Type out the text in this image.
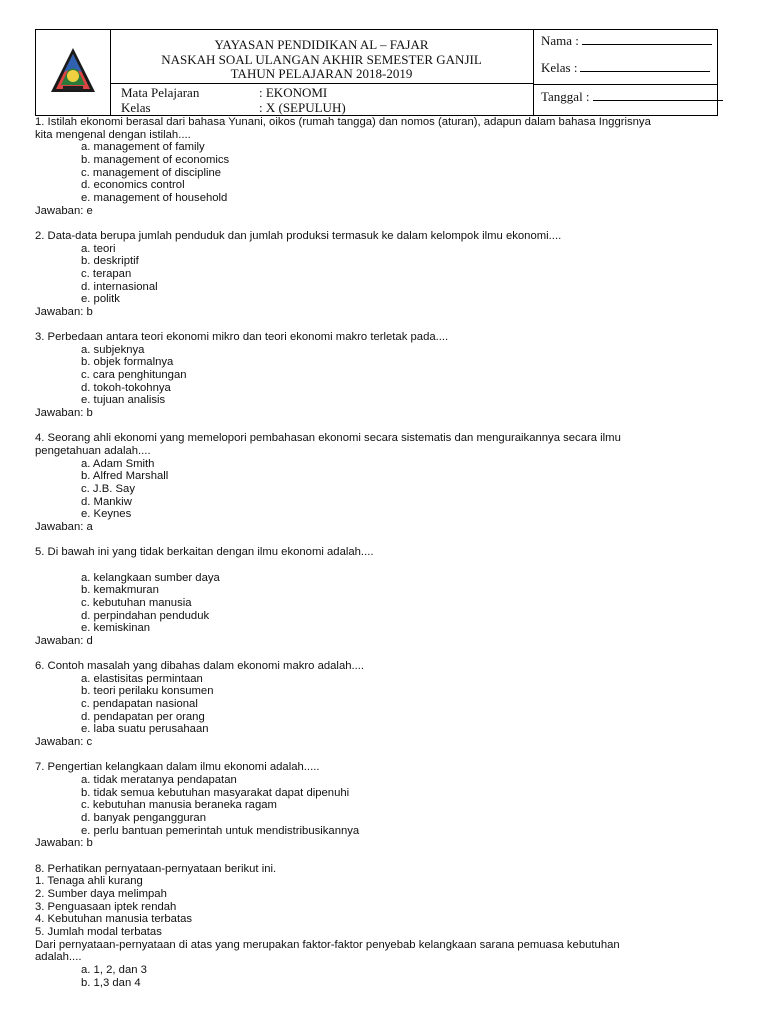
YAYASAN PENDIDIKAN AL – FAJAR
NASKAH SOAL ULANGAN AKHIR SEMESTER GANJIL
TAHUN PELAJARAN 2018-2019
Mata Pelajaran	: EKONOMI
Kelas	: X (SEPULUH)
Nama :
Kelas :
Tanggal :

1. Istilah ekonomi berasal dari bahasa Yunani, oikos (rumah tangga) dan nomos (aturan), adapun dalam bahasa Inggrisnya

kita mengenal dengan istilah....

a. management of family

b. management of economics

c. management of discipline

d. economics control

e. management of household

Jawaban: e

2. Data-data berupa jumlah penduduk dan jumlah produksi termasuk ke dalam kelompok ilmu ekonomi....

a. teori

b. deskriptif

c. terapan

d. internasional

e. politk

Jawaban: b

3. Perbedaan antara teori ekonomi mikro dan teori ekonomi makro terletak pada....

a. subjeknya

b. objek formalnya

c. cara penghitungan

d. tokoh-tokohnya

e. tujuan analisis

Jawaban: b

4. Seorang ahli ekonomi yang memelopori pembahasan ekonomi secara sistematis dan menguraikannya secara ilmu

pengetahuan adalah....

a. Adam Smith

b. Alfred Marshall

c. J.B. Say

d. Mankiw

e. Keynes

Jawaban: a

5. Di bawah ini yang tidak berkaitan dengan ilmu ekonomi adalah....

a. kelangkaan sumber daya

b. kemakmuran

c. kebutuhan manusia

d. perpindahan penduduk

e. kemiskinan

Jawaban: d

6. Contoh masalah yang dibahas dalam ekonomi makro adalah....

a. elastisitas permintaan

b. teori perilaku konsumen

c. pendapatan nasional

d. pendapatan per orang

e. laba suatu perusahaan

Jawaban: c

7. Pengertian kelangkaan dalam ilmu ekonomi adalah.....

a. tidak meratanya pendapatan

b. tidak semua kebutuhan masyarakat dapat dipenuhi

c. kebutuhan manusia beraneka ragam

d. banyak pengangguran

e. perlu bantuan pemerintah untuk mendistribusikannya

Jawaban: b

8. Perhatikan pernyataan-pernyataan berikut ini.

1. Tenaga ahli kurang

2. Sumber daya melimpah

3. Penguasaan iptek rendah

4. Kebutuhan manusia terbatas

5. Jumlah modal terbatas

Dari pernyataan-pernyataan di atas yang merupakan faktor-faktor penyebab kelangkaan sarana pemuasa kebutuhan

adalah....

a. 1, 2, dan 3

b. 1,3 dan 4
